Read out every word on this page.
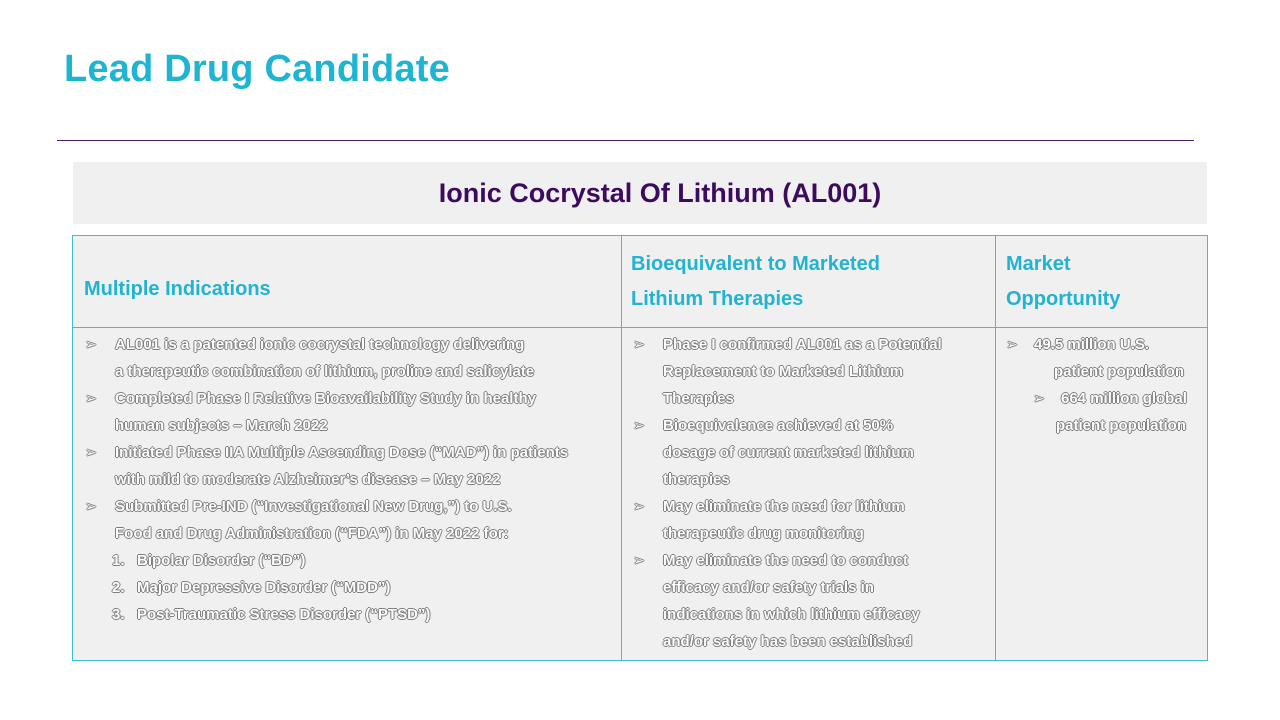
Lead Drug Candidate
Ionic Cocrystal Of Lithium (AL001)
Multiple Indications
Bioequivalent to Marketed
Lithium Therapies
Market
Opportunity
➢ AL001 is a patented ionic cocrystal technology delivering
a therapeutic combination of lithium, proline and salicylate
➢ Completed Phase I Relative Bioavailability Study in healthy
human subjects – March 2022
➢ Initiated Phase IIA Multiple Ascending Dose (“MAD”) in patients
with mild to moderate Alzheimer’s disease – May 2022
➢ Submitted Pre-IND (“Investigational New Drug,”) to U.S.
Food and Drug Administration (“FDA”) in May 2022 for:
1. Bipolar Disorder (“BD”)
2. Major Depressive Disorder (“MDD”)
3. Post-Traumatic Stress Disorder (“PTSD”)
➢ Phase I confirmed AL001 as a Potential
Replacement to Marketed Lithium
Therapies
➢ Bioequivalence achieved at 50%
dosage of current marketed lithium
therapies
➢ May eliminate the need for lithium
therapeutic drug monitoring
➢ May eliminate the need to conduct
efficacy and/or safety trials in
indications in which lithium efficacy
and/or safety has been established
➢ 49.5 million U.S.
patient population
➢ 664 million global
patient population
